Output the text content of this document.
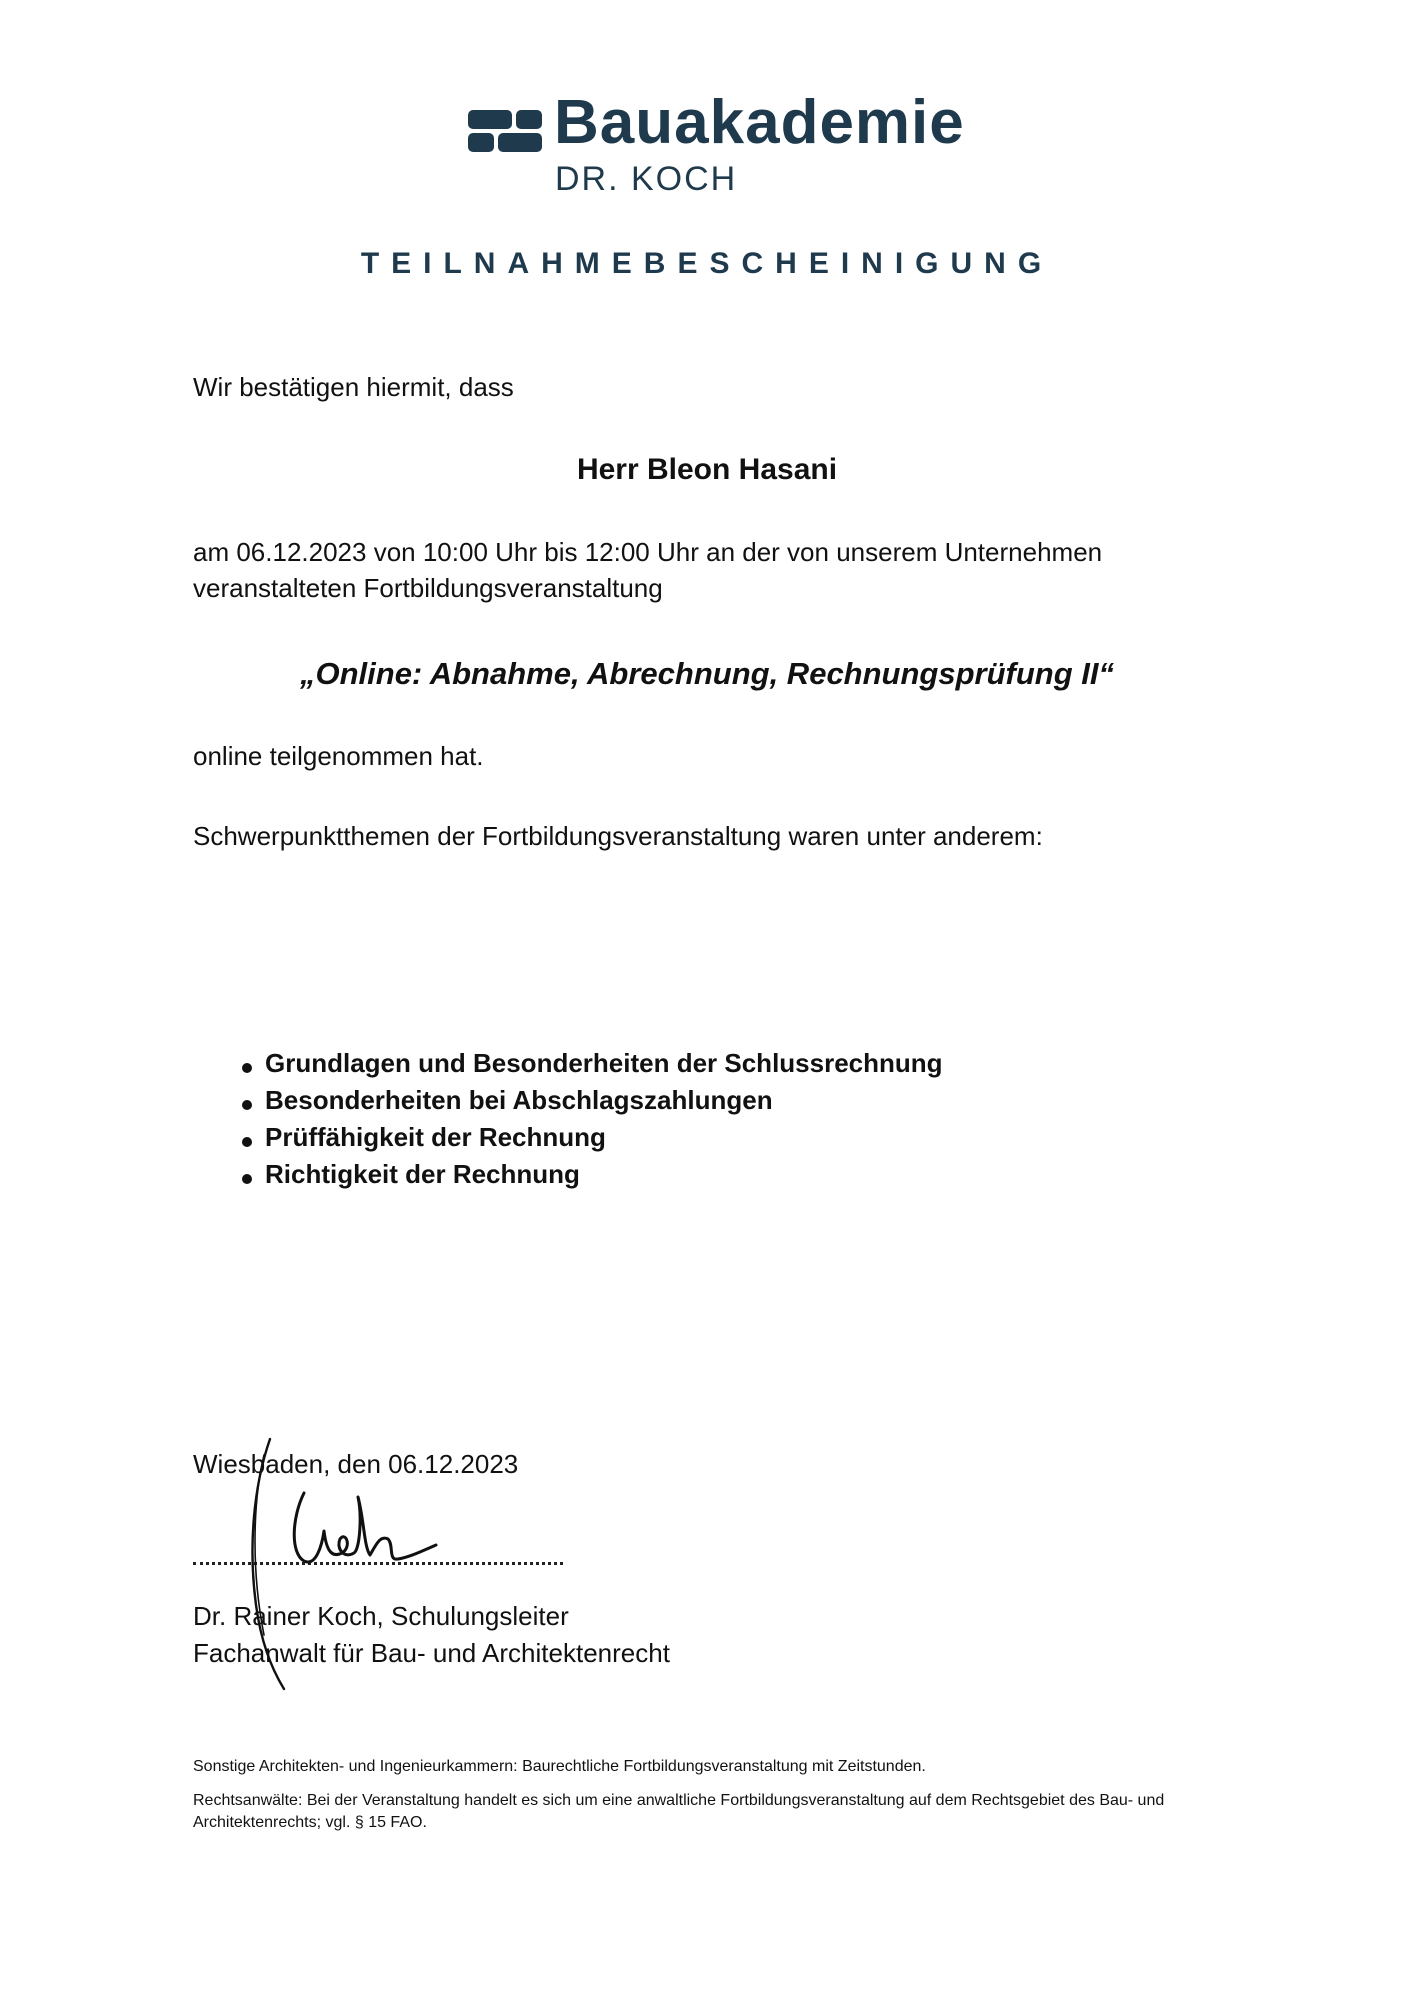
Bauakademie
DR. KOCH
TEILNAHMEBESCHEINIGUNG
Wir bestätigen hiermit, dass
Herr Bleon Hasani
am 06.12.2023 von 10:00 Uhr bis 12:00 Uhr an der von unserem Unternehmen
veranstalteten Fortbildungsveranstaltung
„Online: Abnahme, Abrechnung, Rechnungsprüfung II“
online teilgenommen hat.
Schwerpunktthemen der Fortbildungsveranstaltung waren unter anderem:
Grundlagen und Besonderheiten der Schlussrechnung
Besonderheiten bei Abschlagszahlungen
Prüffähigkeit der Rechnung
Richtigkeit der Rechnung
Wiesbaden, den 06.12.2023
Dr. Rainer Koch, Schulungsleiter
Fachanwalt für Bau- und Architektenrecht
Sonstige Architekten- und Ingenieurkammern: Baurechtliche Fortbildungsveranstaltung mit Zeitstunden.
Rechtsanwälte: Bei der Veranstaltung handelt es sich um eine anwaltliche Fortbildungsveranstaltung auf dem Rechtsgebiet des Bau- und
Architektenrechts; vgl. § 15 FAO.
